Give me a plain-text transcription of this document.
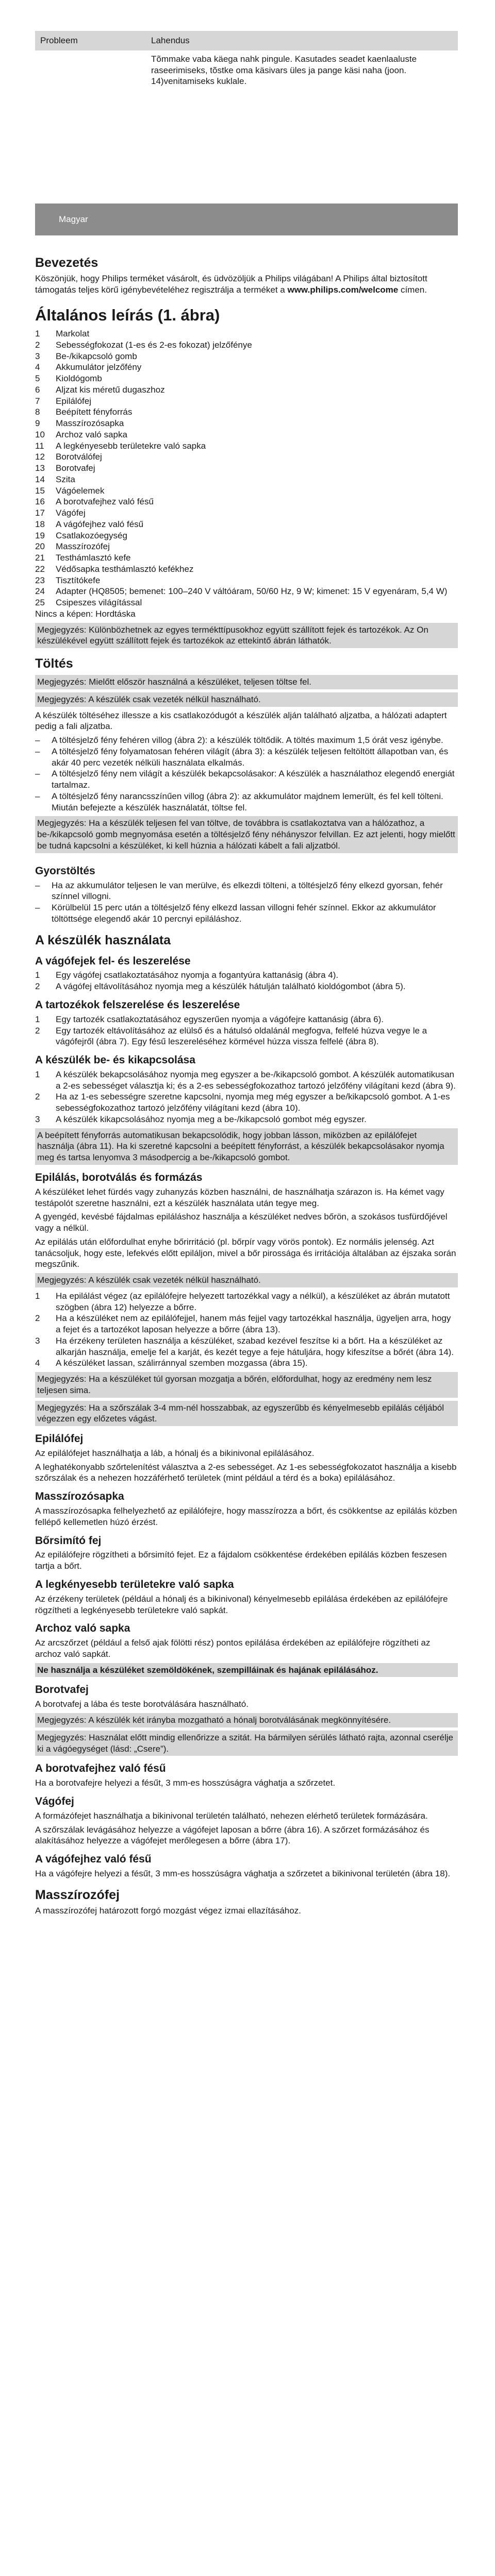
Probleem	Lahendus
	Tõmmake vaba käega nahk pingule. Kasutades seadet kaenlaaluste raseerimiseks, tõstke oma käsivars üles ja pange käsi naha (joon. 14)venitamiseks kuklale.
Magyar
Bevezetés

Köszönjük, hogy Philips terméket vásárolt, és üdvözöljük a Philips világában! A Philips által biztosított támogatás teljes körű igénybevételéhez regisztrálja a terméket a www.philips.com/welcome címen.

Általános leírás (1. ábra)
1	Markolat
2	Sebességfokozat (1-es és 2-es fokozat) jelzőfénye
3	Be-/kikapcsoló gomb
4	Akkumulátor jelzőfény
5	Kioldógomb
6	Aljzat kis méretű dugaszhoz
7	Epilálófej
8	Beépített fényforrás
9	Masszírozósapka
10	Archoz való sapka
11	A legkényesebb területekre való sapka
12	Borotválófej
13	Borotvafej
14	Szita
15	Vágóelemek
16	A borotvafejhez való fésű
17	Vágófej
18	A vágófejhez való fésű
19	Csatlakozóegység
20	Masszírozófej
21	Testhámlasztó kefe
22	Védősapka testhámlasztó kefékhez
23	Tisztítókefe
24	Adapter (HQ8505; bemenet: 100–240 V váltóáram, 50/60 Hz, 9 W; kimenet: 15 V egyenáram, 5,4 W)
25	Csipeszes világítással

Nincs a képen: Hordtáska

Megjegyzés: Különbözhetnek az egyes termékttípusokhoz együtt szállított fejek és tartozékok. Az On készülékével együtt szállított fejek és tartozékok az ettekintő ábrán láthatók.
Töltés
Megjegyzés: Mielőtt először használná a készüléket, teljesen töltse fel.
Megjegyzés: A készülék csak vezeték nélkül használható.

A készülék töltéséhez illessze a kis csatlakozódugót a készülék alján található aljzatba, a hálózati adaptert pedig a fali aljzatba.

–	A töltésjelző fény fehéren villog (ábra 2): a készülék töltődik. A töltés maximum 1,5 órát vesz igénybe.
–	A töltésjelző fény folyamatosan fehéren világít (ábra 3): a készülék teljesen feltöltött állapotban van, és akár 40 perc vezeték nélküli használata elkalmás.
–	A töltésjelző fény nem világít a készülék bekapcsolásakor: A készülék a használathoz elegendő energiát tartalmaz.
–	A töltésjelző fény narancsszínűen villog (ábra 2): az akkumulátor majdnem lemerült, és fel kell tölteni. Miután befejezte a készülék használatát, töltse fel.
Megjegyzés: Ha a készülék teljesen fel van töltve, de továbbra is csatlakoztatva van a hálózathoz, a be-/kikapcsoló gomb megnyomása esetén a töltésjelző fény néhányszor felvillan. Ez azt jelenti, hogy mielőtt be tudná kapcsolni a készüléket, ki kell húznia a hálózati kábelt a fali aljzatból.
Gyorstöltés
–	Ha az akkumulátor teljesen le van merülve, és elkezdi tölteni, a töltésjelző fény elkezd gyorsan, fehér színnel villogni.
–	Körülbelül 15 perc után a töltésjelző fény elkezd lassan villogni fehér színnel. Ekkor az akkumulátor töltöttsége elegendő akár 10 percnyi epiláláshoz.
A készülék használata
A vágófejek fel- és leszerelése
1	Egy vágófej csatlakoztatásához nyomja a fogantyúra kattanásig (ábra 4).
2	A vágófej eltávolításához nyomja meg a készülék hátulján található kioldógombot (ábra 5).
A tartozékok felszerelése és leszerelése
1	Egy tartozék csatlakoztatásához egyszerűen nyomja a vágófejre kattanásig (ábra 6).
2	Egy tartozék eltávolításához az elülső és a hátulsó oldalánál megfogva, felfelé húzva vegye le a vágófejről (ábra 7). Egy fésű leszereléséhez körmével húzza vissza felfelé (ábra 8).
A készülék be- és kikapcsolása
1	A készülék bekapcsolásához nyomja meg egyszer a be-/kikapcsoló gombot. A készülék automatikusan a 2-es sebességet választja ki; és a 2-es sebességfokozathoz tartozó jelzőfény világítani kezd (ábra 9).
2	Ha az 1-es sebességre szeretne kapcsolni, nyomja meg még egyszer a be/kikapcsoló gombot. A 1-es sebességfokozathoz tartozó jelzőfény világítani kezd (ábra 10).
3	A készülék kikapcsolásához nyomja meg a be-/kikapcsoló gombot még egyszer.
A beépített fényforrás automatikusan bekapcsolódik, hogy jobban lásson, miközben az epilálófejet használja (ábra 11). Ha ki szeretné kapcsolni a beépített fényforrást, a készülék bekapcsolásakor nyomja meg és tartsa lenyomva 3 másodpercig a be-/kikapcsoló gombot.
Epilálás, borotválás és formázás

A készüléket lehet fürdés vagy zuhanyzás közben használni, de használhatja szárazon is. Ha kémet vagy testápolót szeretne használni, ezt a készülék használata után tegye meg.

A gyengéd, kevésbé fájdalmas epiláláshoz használja a készüléket nedves bőrön, a szokásos tusfürdőjével vagy a nélkül.

Az epilálás után előfordulhat enyhe bőrirritáció (pl. bőrpír vagy vörös pontok). Ez normális jelenség. Azt tanácsoljuk, hogy este, lefekvés előtt epiláljon, mivel a bőr pirossága és irritációja általában az éjszaka során megszűnik.

Megjegyzés: A készülék csak vezeték nélkül használható.
1	Ha epilálást végez (az epilálófejre helyezett tartozékkal vagy a nélkül), a készüléket az ábrán mutatott szögben (ábra 12) helyezze a bőrre.
2	Ha a készüléket nem az epilálófejjel, hanem más fejjel vagy tartozékkal használja, ügyeljen arra, hogy a fejet és a tartozékot laposan helyezze a bőrre (ábra 13).
3	Ha érzékeny területen használja a készüléket, szabad kezével feszítse ki a bőrt. Ha a készüléket az alkarján használja, emelje fel a karját, és kezét tegye a feje hátuljára, hogy kifeszítse a bőrét (ábra 14).
4	A készüléket lassan, szálirránnyal szemben mozgassa (ábra 15).
Megjegyzés: Ha a készüléket túl gyorsan mozgatja a bőrén, előfordulhat, hogy az eredmény nem lesz teljesen sima.
Megjegyzés: Ha a szőrszálak 3-4 mm-nél hosszabbak, az egyszerűbb és kényelmesebb epilálás céljából végezzen egy előzetes vágást.
Epilálófej

Az epilálófejet használhatja a láb, a hónalj és a bikinivonal epilálásához.

A leghatékonyabb szőrtelenítést választva a 2-es sebességet. Az 1-es sebességfokozatot használja a kisebb szőrszálak és a nehezen hozzáférhető területek (mint például a térd és a boka) epilálásához.

Masszírozósapka

A masszírozósapka felhelyezhető az epilálófejre, hogy masszírozza a bőrt, és csökkentse az epilálás közben fellépő kellemetlen húzó érzést.

Bőrsimító fej

Az epilálófejre rögzítheti a bőrsimító fejet. Ez a fájdalom csökkentése érdekében epilálás közben feszesen tartja a bőrt.

A legkényesebb területekre való sapka

Az érzékeny területek (például a hónalj és a bikinivonal) kényelmesebb epilálása érdekében az epilálófejre rögzítheti a legkényesebb területekre való sapkát.

Archoz való sapka

Az arcszőrzet (például a felső ajak fölötti rész) pontos epilálása érdekében az epilálófejre rögzítheti az archoz való sapkát.

Ne használja a készüléket szemöldökének, szempilláinak és hajának epilálásához.
Borotvafej

A borotvafej a lába és teste borotválására használható.

Megjegyzés: A készülék két irányba mozgatható a hónalj borotválásának megkönnyítésére.
Megjegyzés: Használat előtt mindig ellenőrizze a szitát. Ha bármilyen sérülés látható rajta, azonnal cserélje ki a vágóegységet (lásd: „Csere”).
A borotvafejhez való fésű

Ha a borotvafejre helyezi a fésűt, 3 mm-es hosszúságra vághatja a szőrzetet.

Vágófej

A formázófejet használhatja a bikinivonal területén található, nehezen elérhető területek formázására.

A szőrszálak levágásához helyezze a vágófejet laposan a bőrre (ábra 16). A szőrzet formázásához és alakításához helyezze a vágófejet merőlegesen a bőrre (ábra 17).

A vágófejhez való fésű

Ha a vágófejre helyezi a fésűt, 3 mm-es hosszúságra vághatja a szőrzetet a bikinivonal területén (ábra 18).

Masszírozófej

A masszírozófej határozott forgó mozgást végez izmai ellazításához.
